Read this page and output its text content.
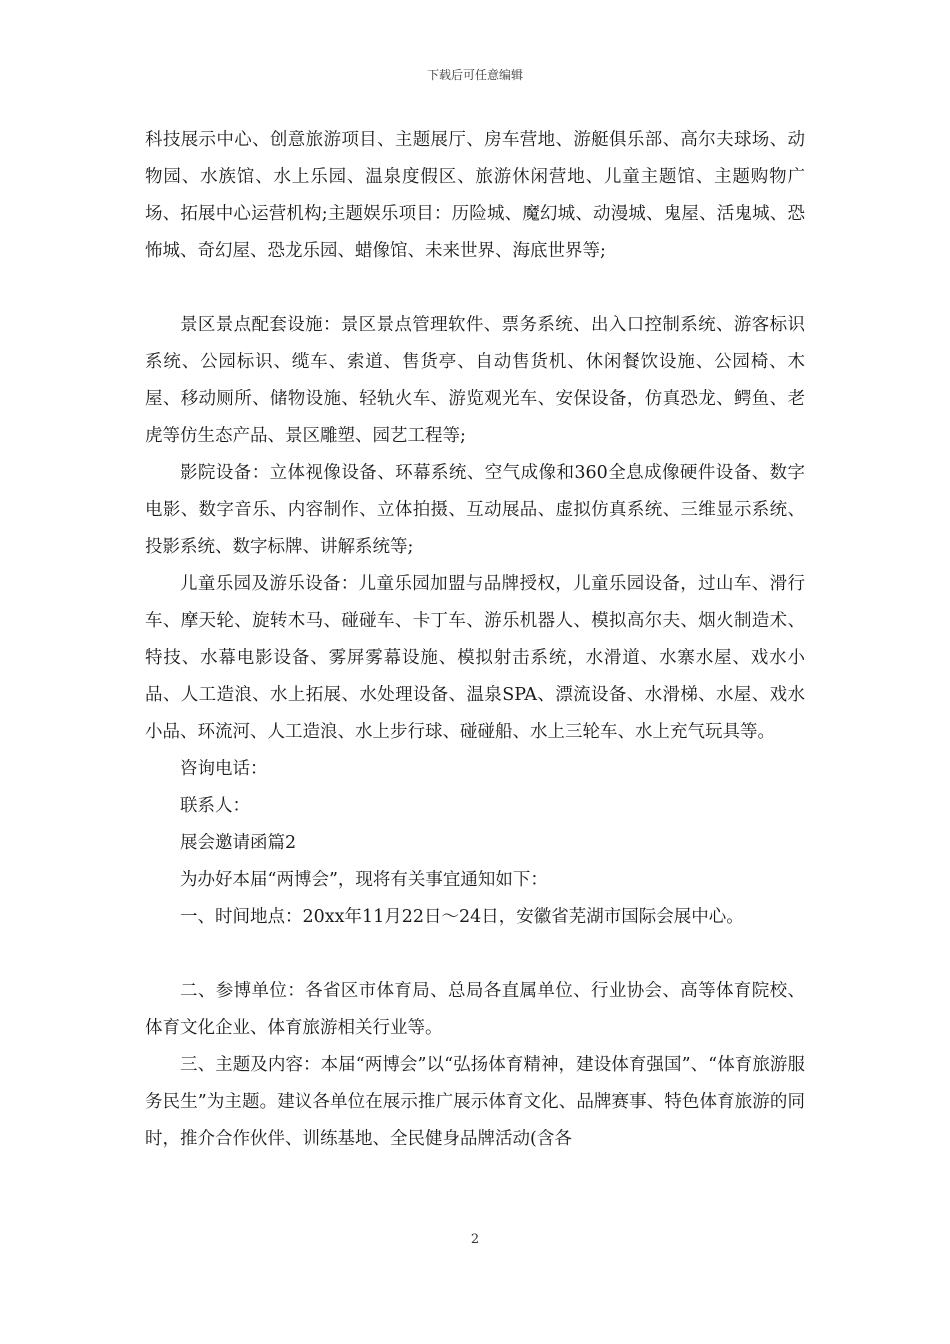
下载后可任意编辑

科技展示中心、创意旅游项目、主题展厅、房车营地、游艇俱乐部、高尔夫球场、动物园、水族馆、水上乐园、温泉度假区、旅游休闲营地、儿童主题馆、主题购物广场、拓展中心运营机构;主题娱乐项目：历险城、魔幻城、动漫城、鬼屋、活鬼城、恐怖城、奇幻屋、恐龙乐园、蜡像馆、未来世界、海底世界等;

景区景点配套设施：景区景点管理软件、票务系统、出入口控制系统、游客标识系统、公园标识、缆车、索道、售货亭、自动售货机、休闲餐饮设施、公园椅、木屋、移动厕所、储物设施、轻轨火车、游览观光车、安保设备，仿真恐龙、鳄鱼、老虎等仿生态产品、景区雕塑、园艺工程等;

影院设备：立体视像设备、环幕系统、空气成像和360全息成像硬件设备、数字电影、数字音乐、内容制作、立体拍摄、互动展品、虚拟仿真系统、三维显示系统、投影系统、数字标牌、讲解系统等;

儿童乐园及游乐设备：儿童乐园加盟与品牌授权，儿童乐园设备，过山车、滑行车、摩天轮、旋转木马、碰碰车、卡丁车、游乐机器人、模拟高尔夫、烟火制造术、特技、水幕电影设备、雾屏雾幕设施、模拟射击系统，水滑道、水寨水屋、戏水小品、人工造浪、水上拓展、水处理设备、温泉SPA、漂流设备、水滑梯、水屋、戏水小品、环流河、人工造浪、水上步行球、碰碰船、水上三轮车、水上充气玩具等。

咨询电话：

联系人：

展会邀请函篇2

为办好本届“两博会”，现将有关事宜通知如下：

一、时间地点：20xx年11月22日～24日，安徽省芜湖市国际会展中心。

二、参博单位：各省区市体育局、总局各直属单位、行业协会、高等体育院校、体育文化企业、体育旅游相关行业等。

三、主题及内容：本届“两博会”以“弘扬体育精神，建设体育强国”、“体育旅游服务民生”为主题。建议各单位在展示推广展示体育文化、品牌赛事、特色体育旅游的同时，推介合作伙伴、训练基地、全民健身品牌活动(含各

2
